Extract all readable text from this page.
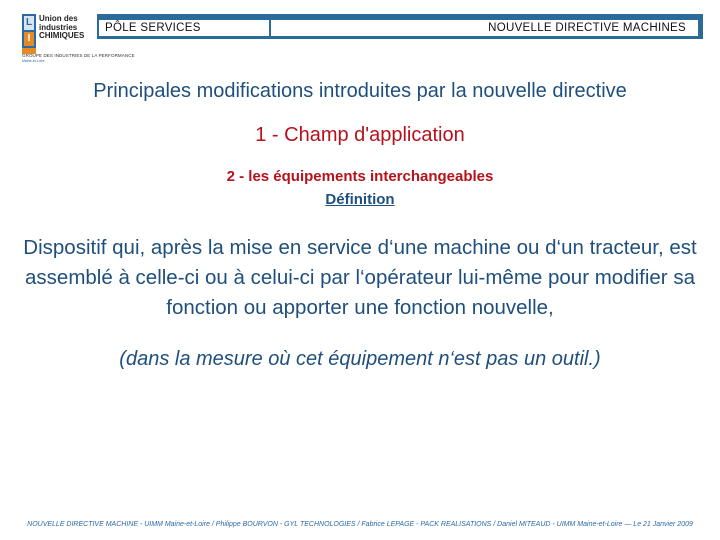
L
I
Union des
industries
CHIMIQUES
GROUPE DES INDUSTRIES DE LA PERFORMANCE
Maine-et-Loire
PÔLE SERVICES	NOUVELLE DIRECTIVE MACHINES
Principales modifications introduites par la nouvelle directive
1 - Champ d'application
2 - les équipements interchangeables
Définition
Dispositif qui, après la mise en service d‘une machine ou d‘un tracteur, est assemblé à celle-ci ou à celui-ci par l‘opérateur lui-même pour modifier sa fonction ou apporter une fonction nouvelle,
(dans la mesure où cet équipement n‘est pas un outil.)
NOUVELLE DIRECTIVE MACHINE - UIMM Maine-et-Loire / Philippe BOURVON - GYL TECHNOLOGIES / Fabrice LEPAGE - PACK REALISATIONS / Daniel MITEAUD - UIMM Maine-et-Loire — Le 21 Janvier 2009
